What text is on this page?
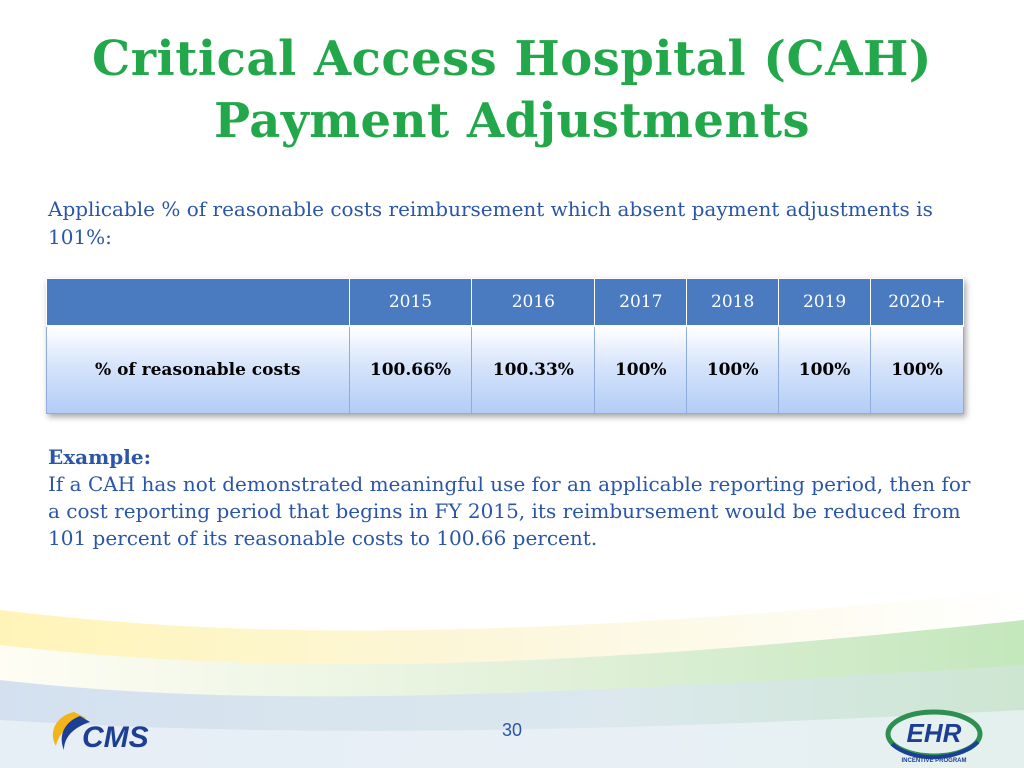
Critical Access Hospital (CAH)
Payment Adjustments
Applicable % of reasonable costs reimbursement which absent payment adjustments is 101%:
	2015	2016	2017	2018	2019	2020+
% of reasonable costs	100.66%	100.33%	100%	100%	100%	100%
Example:
If a CAH has not demonstrated meaningful use for an applicable reporting period, then for a cost reporting period that begins in FY 2015, its reimbursement would be reduced from 101 percent of its reasonable costs to 100.66 percent.
CMS	30	EHR
INCENTIVE PROGRAM
